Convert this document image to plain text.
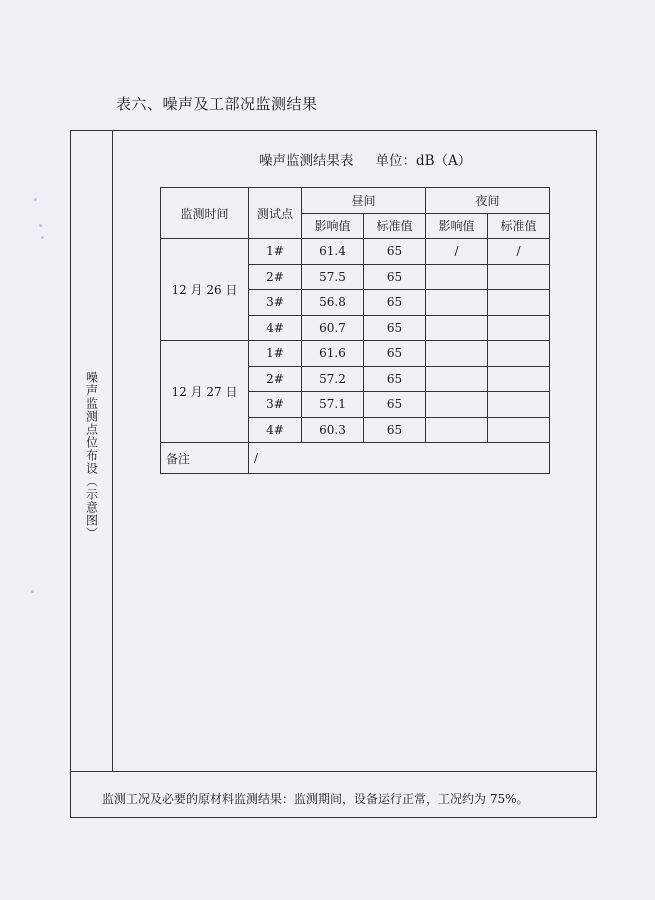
表六、噪声及工部况监测结果
噪声监测点位布设（示意图）
噪声监测结果表 单位：dB（A）
监测时间	测试点	昼间		夜间	
		影响值	标准值	影响值	标准值
12 月 26 日	1#	61.4	65	/	/
	2#	57.5	65		
	3#	56.8	65		
	4#	60.7	65		
12 月 27 日	1#	61.6	65		
	2#	57.2	65		
	3#	57.1	65		
	4#	60.3	65		
备注	/				
监测工况及必要的原材料监测结果：监测期间，设备运行正常，工况约为 75%。
